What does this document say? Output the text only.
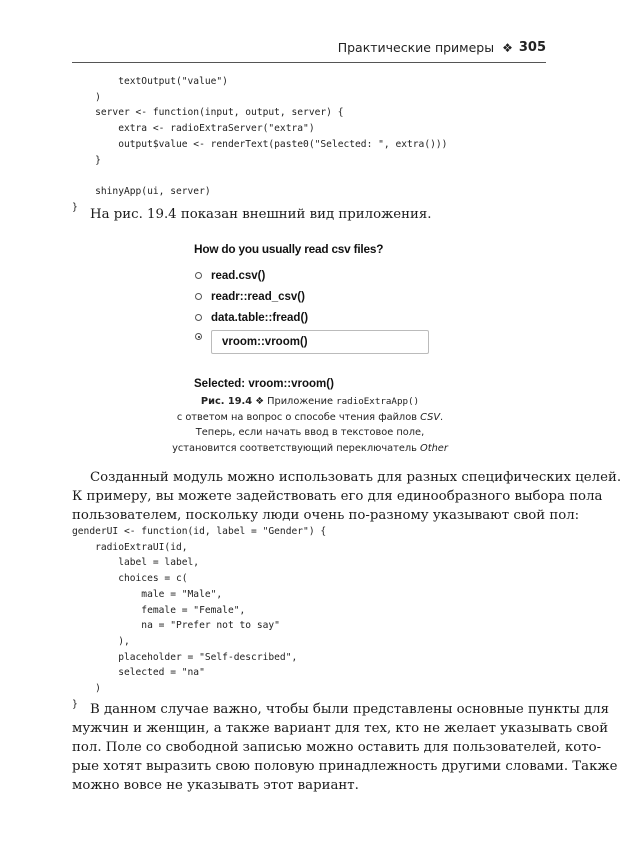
Практические примеры ❖ 305
textOutput("value")
)
server <- function(input, output, server) {
extra <- radioExtraServer("extra")
output$value <- renderText(paste0("Selected: ", extra()))
}

shinyApp(ui, server)
} На рис. 19.4 показан внешний вид приложения.

How do you usually read csv files?
read.csv()
readr::read_csv()
data.table::fread()
vroom::vroom()
Selected: vroom::vroom()
Рис. 19.4 ❖ Приложение radioExtraApp()
с ответом на вопрос о способе чтения файлов CSV.
Теперь, если начать ввод в текстовое поле,
установится соответствующий переключатель Other
Созданный модуль можно использовать для разных специфических целей.
К примеру, вы можете задействовать его для единообразного выбора пола
пользователем, поскольку люди очень по-разному указывают свой пол:
genderUI <- function(id, label = "Gender") {
radioExtraUI(id,
label = label,
choices = c(
male = "Male",
female = "Female",
na = "Prefer not to say"
),
placeholder = "Self-described",
selected = "na"
)
} В данном случае важно, чтобы были представлены основные пункты для
мужчин и женщин, а также вариант для тех, кто не желает указывать свой
пол. Поле со свободной записью можно оставить для пользователей, кото-
рые хотят выразить свою половую принадлежность другими словами. Также
можно вовсе не указывать этот вариант.
